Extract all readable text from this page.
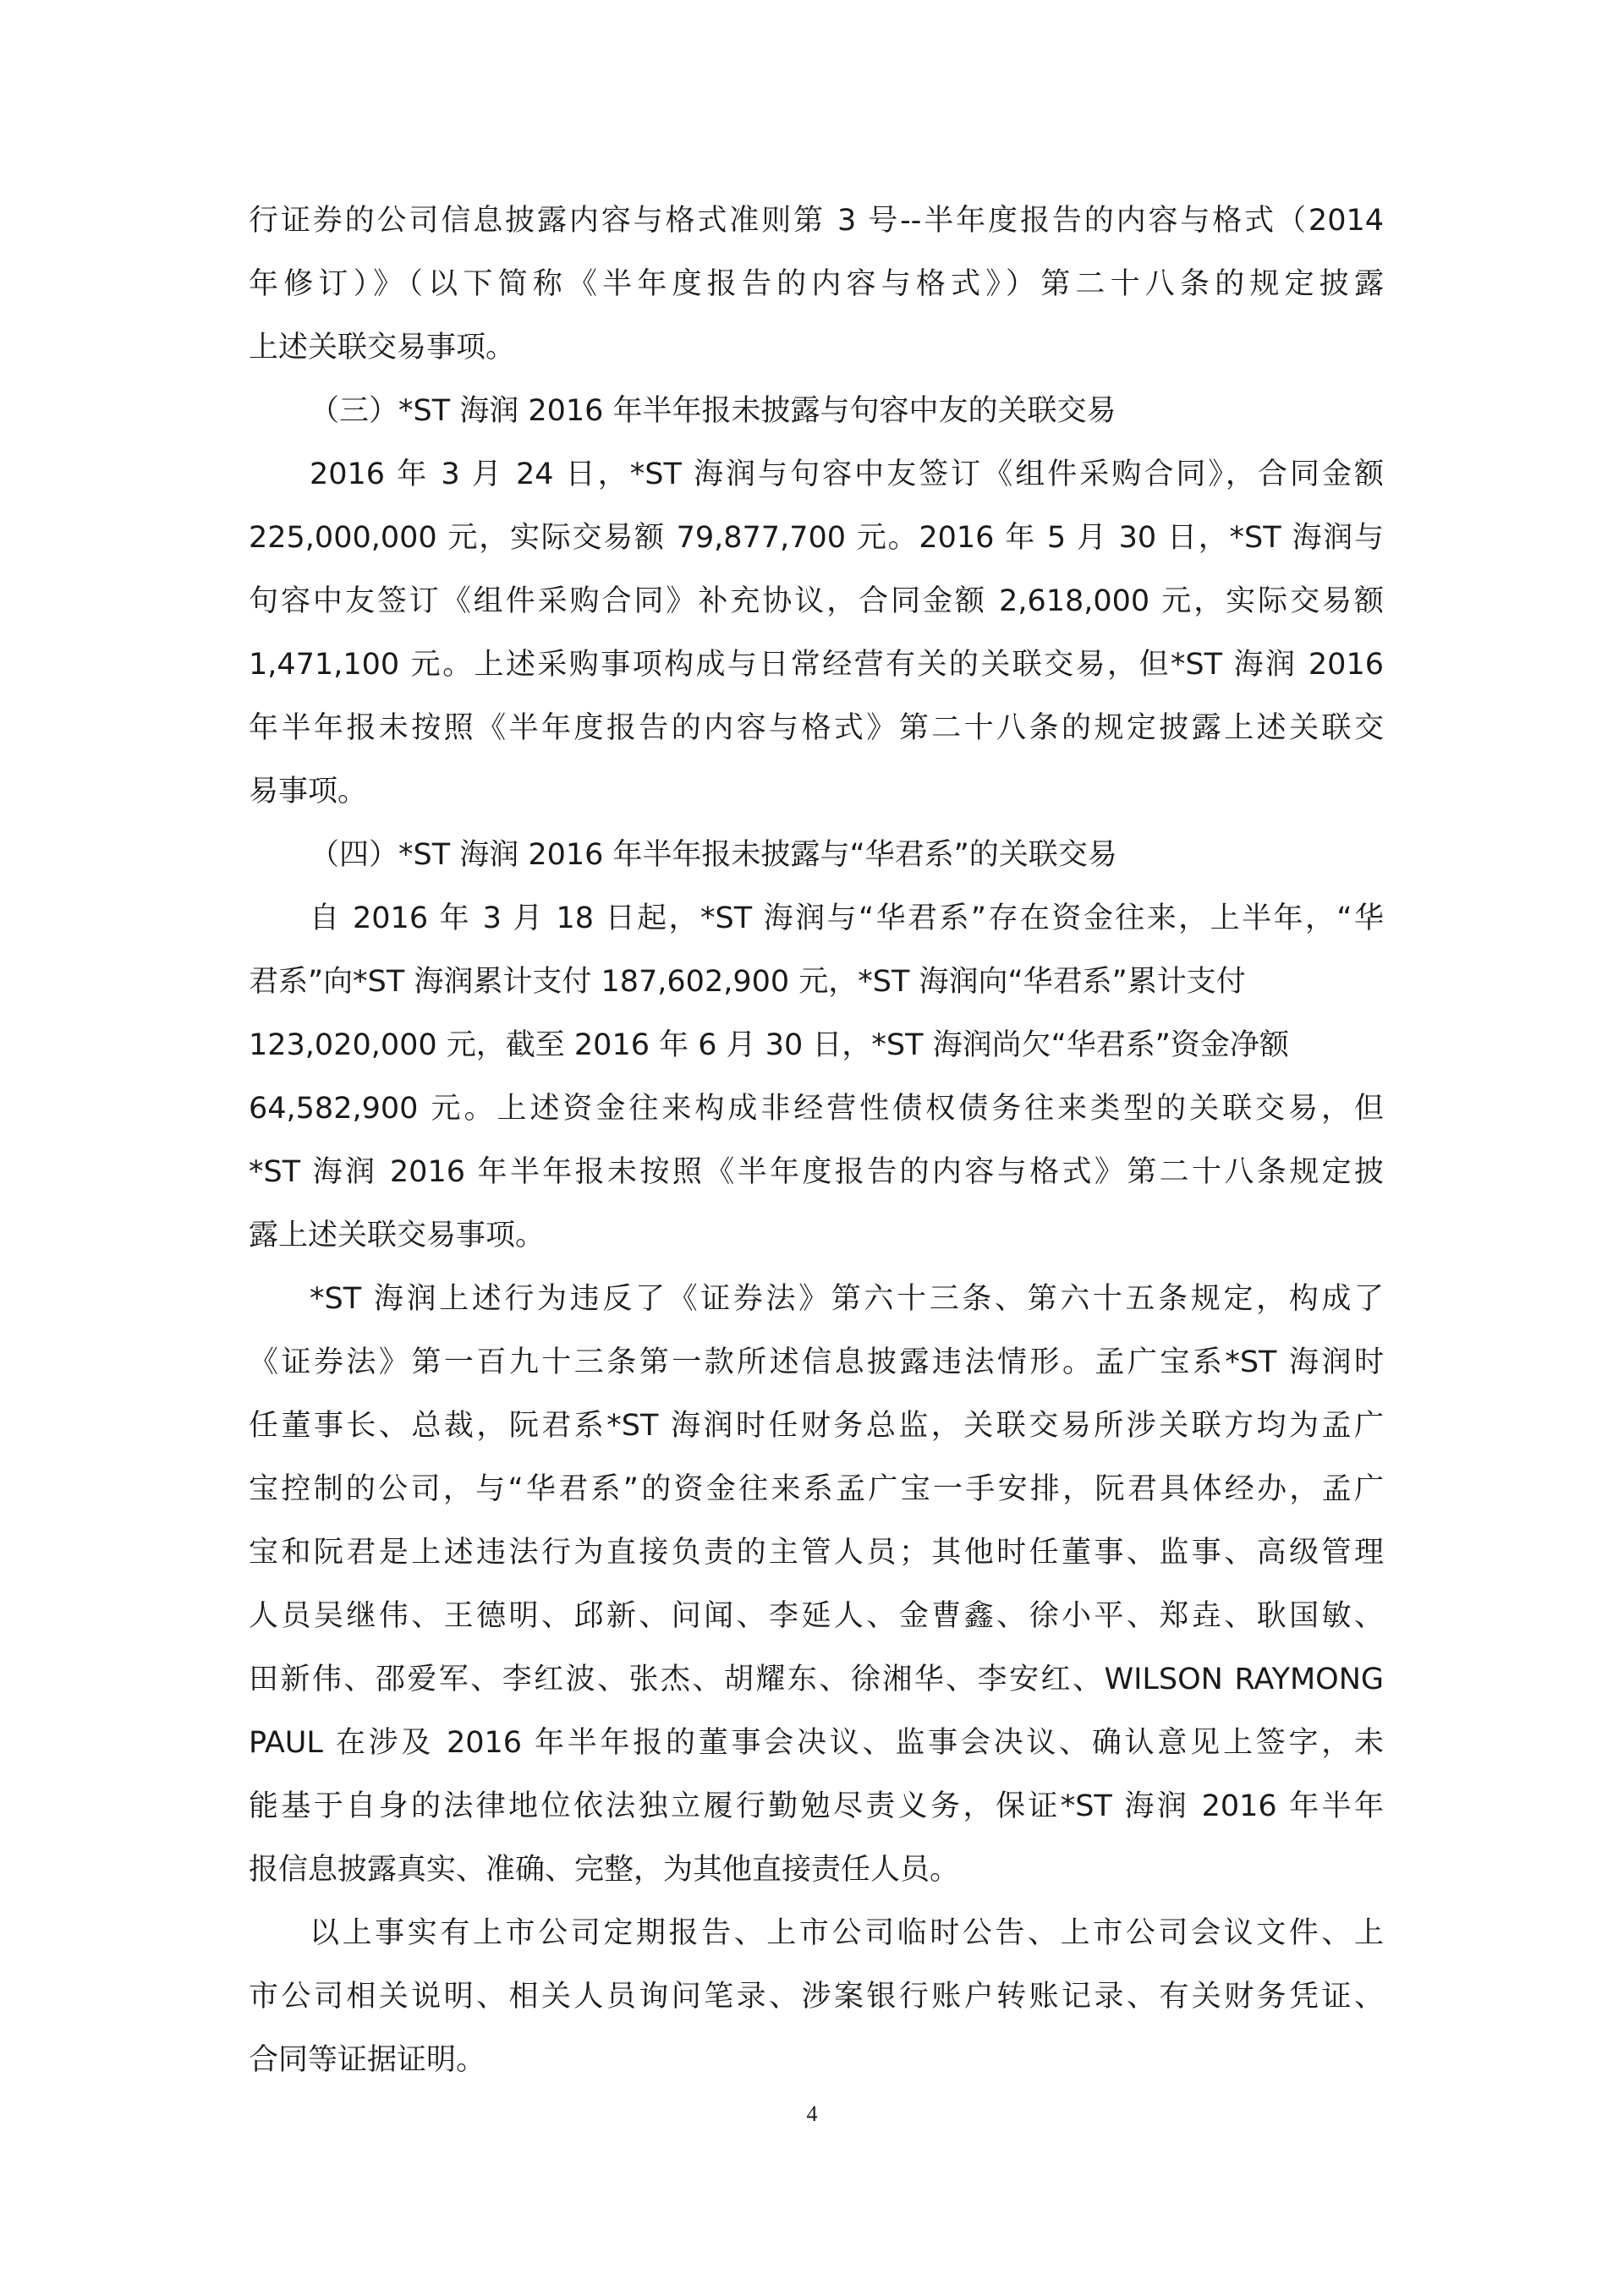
行证券的公司信息披露内容与格式准则第 3 号--半年度报告的内容与格式（2014
年修订）》（以下简称《半年度报告的内容与格式》）第二十八条的规定披露
上述关联交易事项。
（三）*ST 海润 2016 年半年报未披露与句容中友的关联交易
2016 年 3 月 24 日，*ST 海润与句容中友签订《组件采购合同》，合同金额
225,000,000 元，实际交易额 79,877,700 元。2016 年 5 月 30 日，*ST 海润与
句容中友签订《组件采购合同》补充协议，合同金额 2,618,000 元，实际交易额
1,471,100 元。上述采购事项构成与日常经营有关的关联交易，但*ST 海润 2016
年半年报未按照《半年度报告的内容与格式》第二十八条的规定披露上述关联交
易事项。
（四）*ST 海润 2016 年半年报未披露与“华君系”的关联交易
自 2016 年 3 月 18 日起，*ST 海润与“华君系”存在资金往来，上半年，“华
君系”向*ST 海润累计支付 187,602,900 元，*ST 海润向“华君系”累计支付
123,020,000 元，截至 2016 年 6 月 30 日，*ST 海润尚欠“华君系”资金净额
64,582,900 元。上述资金往来构成非经营性债权债务往来类型的关联交易，但
*ST 海润 2016 年半年报未按照《半年度报告的内容与格式》第二十八条规定披
露上述关联交易事项。
*ST 海润上述行为违反了《证券法》第六十三条、第六十五条规定，构成了
《证券法》第一百九十三条第一款所述信息披露违法情形。孟广宝系*ST 海润时
任董事长、总裁，阮君系*ST 海润时任财务总监，关联交易所涉关联方均为孟广
宝控制的公司，与“华君系”的资金往来系孟广宝一手安排，阮君具体经办，孟广
宝和阮君是上述违法行为直接负责的主管人员；其他时任董事、监事、高级管理
人员吴继伟、王德明、邱新、问闻、李延人、金曹鑫、徐小平、郑垚、耿国敏、
田新伟、邵爱军、李红波、张杰、胡耀东、徐湘华、李安红、WILSON RAYMONG
PAUL 在涉及 2016 年半年报的董事会决议、监事会决议、确认意见上签字，未
能基于自身的法律地位依法独立履行勤勉尽责义务，保证*ST 海润 2016 年半年
报信息披露真实、准确、完整，为其他直接责任人员。
以上事实有上市公司定期报告、上市公司临时公告、上市公司会议文件、上
市公司相关说明、相关人员询问笔录、涉案银行账户转账记录、有关财务凭证、
合同等证据证明。
4
